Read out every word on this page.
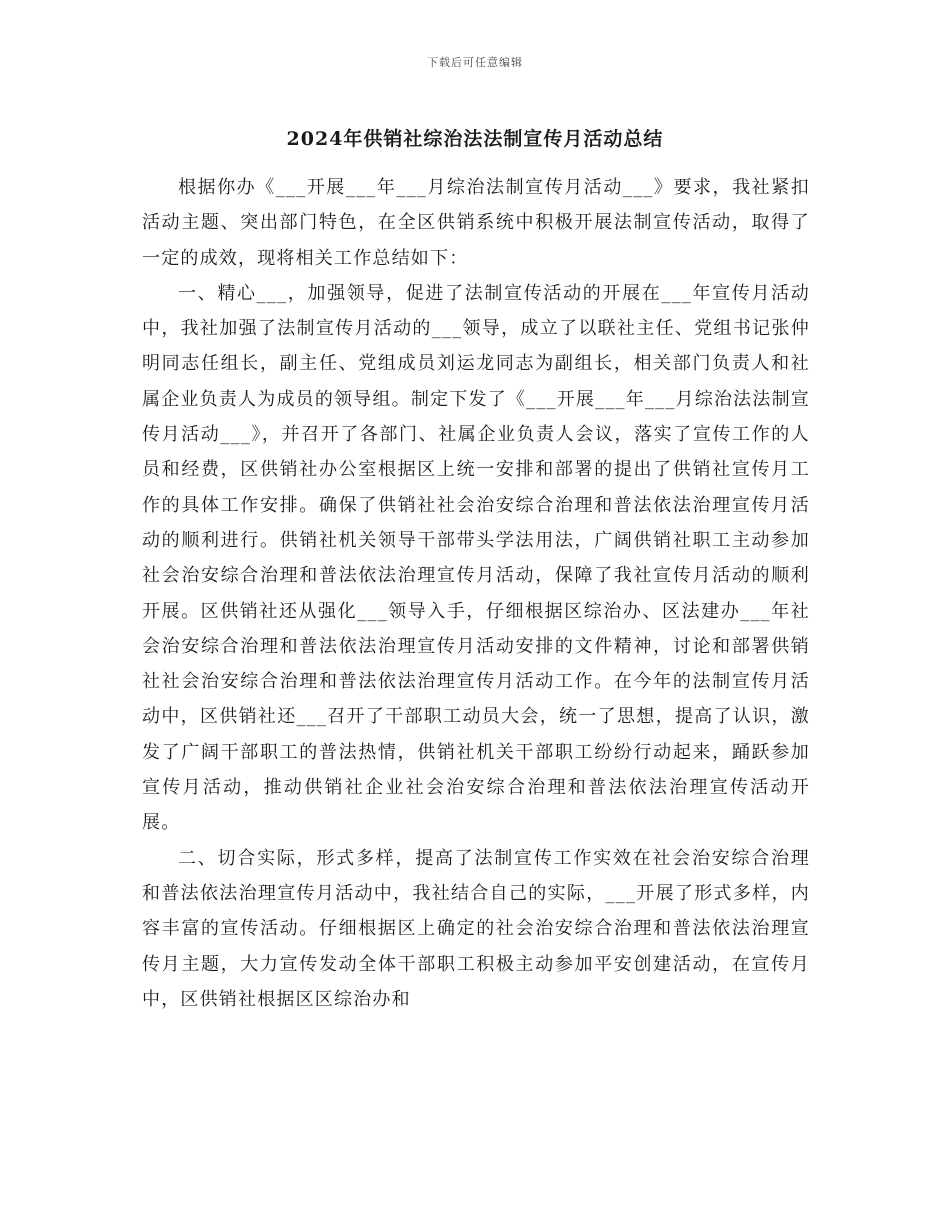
下载后可任意编辑
2024年供销社综治法法制宣传月活动总结

根据你办《___开展___年___月综治法制宣传月活动___》要求，我社紧扣活动主题、突出部门特色，在全区供销系统中积极开展法制宣传活动，取得了一定的成效，现将相关工作总结如下：

一、精心___，加强领导，促进了法制宣传活动的开展在___年宣传月活动中，我社加强了法制宣传月活动的___领导，成立了以联社主任、党组书记张仲明同志任组长，副主任、党组成员刘运龙同志为副组长，相关部门负责人和社属企业负责人为成员的领导组。制定下发了《___开展___年___月综治法法制宣传月活动___》，并召开了各部门、社属企业负责人会议，落实了宣传工作的人员和经费，区供销社办公室根据区上统一安排和部署的提出了供销社宣传月工作的具体工作安排。确保了供销社社会治安综合治理和普法依法治理宣传月活动的顺利进行。供销社机关领导干部带头学法用法，广阔供销社职工主动参加社会治安综合治理和普法依法治理宣传月活动，保障了我社宣传月活动的顺利开展。区供销社还从强化___领导入手，仔细根据区综治办、区法建办___年社会治安综合治理和普法依法治理宣传月活动安排的文件精神，讨论和部署供销社社会治安综合治理和普法依法治理宣传月活动工作。在今年的法制宣传月活动中，区供销社还___召开了干部职工动员大会，统一了思想，提高了认识，激发了广阔干部职工的普法热情，供销社机关干部职工纷纷行动起来，踊跃参加宣传月活动，推动供销社企业社会治安综合治理和普法依法治理宣传活动开展。

二、切合实际，形式多样，提高了法制宣传工作实效在社会治安综合治理和普法依法治理宣传月活动中，我社结合自己的实际，___开展了形式多样，内容丰富的宣传活动。仔细根据区上确定的社会治安综合治理和普法依法治理宣传月主题，大力宣传发动全体干部职工积极主动参加平安创建活动，在宣传月中，区供销社根据区区综治办和
